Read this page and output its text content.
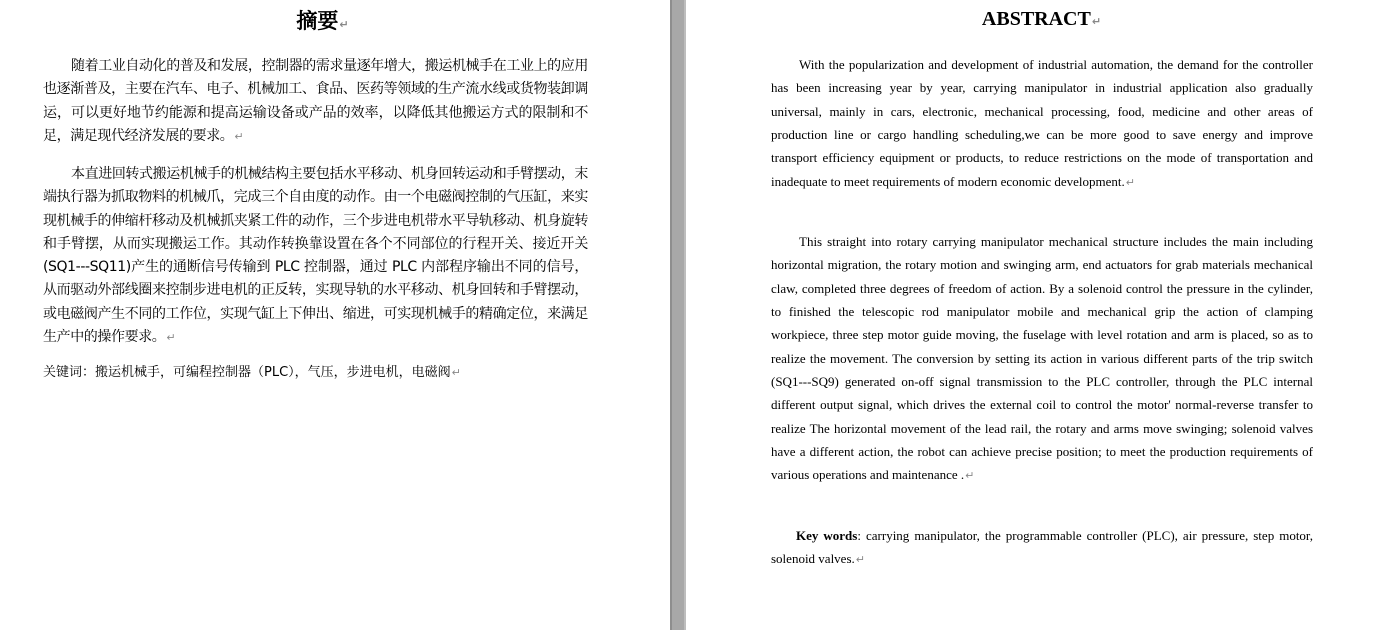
摘要↵

随着工业自动化的普及和发展，控制器的需求量逐年增大，搬运机械手在工业上的应用也逐渐普及，主要在汽车、电子、机械加工、食品、医药等领域的生产流水线或货物装卸调运，可以更好地节约能源和提高运输设备或产品的效率，以降低其他搬运方式的限制和不足，满足现代经济发展的要求。↵

本直进回转式搬运机械手的机械结构主要包括水平移动、机身回转运动和手臂摆动，末端执行器为抓取物料的机械爪，完成三个自由度的动作。由一个电磁阀控制的气压缸，来实现机械手的伸缩杆移动及机械抓夹紧工件的动作，三个步进电机带水平导轨移动、机身旋转和手臂摆，从而实现搬运工作。其动作转换靠设置在各个不同部位的行程开关、接近开关(SQ1---SQ11)产生的通断信号传输到 PLC 控制器，通过 PLC 内部程序输出不同的信号，从而驱动外部线圈来控制步进电机的正反转，实现导轨的水平移动、机身回转和手臂摆动，或电磁阀产生不同的工作位，实现气缸上下伸出、缩进，可实现机械手的精确定位，来满足生产中的操作要求。↵

关键词：搬运机械手，可编程控制器（PLC），气压，步进电机，电磁阀↵
ABSTRACT↵

With the popularization and development of industrial automation, the demand for the controller has been increasing year by year, carrying manipulator in industrial application also gradually universal, mainly in cars, electronic, mechanical processing, food, medicine and other areas of production line or cargo handling scheduling,we can be more good to save energy and improve transport efficiency equipment or products, to reduce restrictions on the mode of transportation and inadequate to meet requirements of modern economic development.↵

This straight into rotary carrying manipulator mechanical structure includes the main including horizontal migration, the rotary motion and swinging arm, end actuators for grab materials mechanical claw, completed three degrees of freedom of action. By a solenoid control the pressure in the cylinder, to finished the telescopic rod manipulator mobile and mechanical grip the action of clamping workpiece, three step motor guide moving, the fuselage with level rotation and arm is placed, so as to realize the movement. The conversion by setting its action in various different parts of the trip switch (SQ1---SQ9) generated on-off signal transmission to the PLC controller, through the PLC internal different output signal, which drives the external coil to control the motor' normal-reverse transfer to realize The horizontal movement of the lead rail, the rotary and arms move swinging; solenoid valves have a different action, the robot can achieve precise position; to meet the production requirements of various operations and maintenance .↵

Key words: carrying manipulator, the programmable controller (PLC), air pressure, step motor, solenoid valves.↵
